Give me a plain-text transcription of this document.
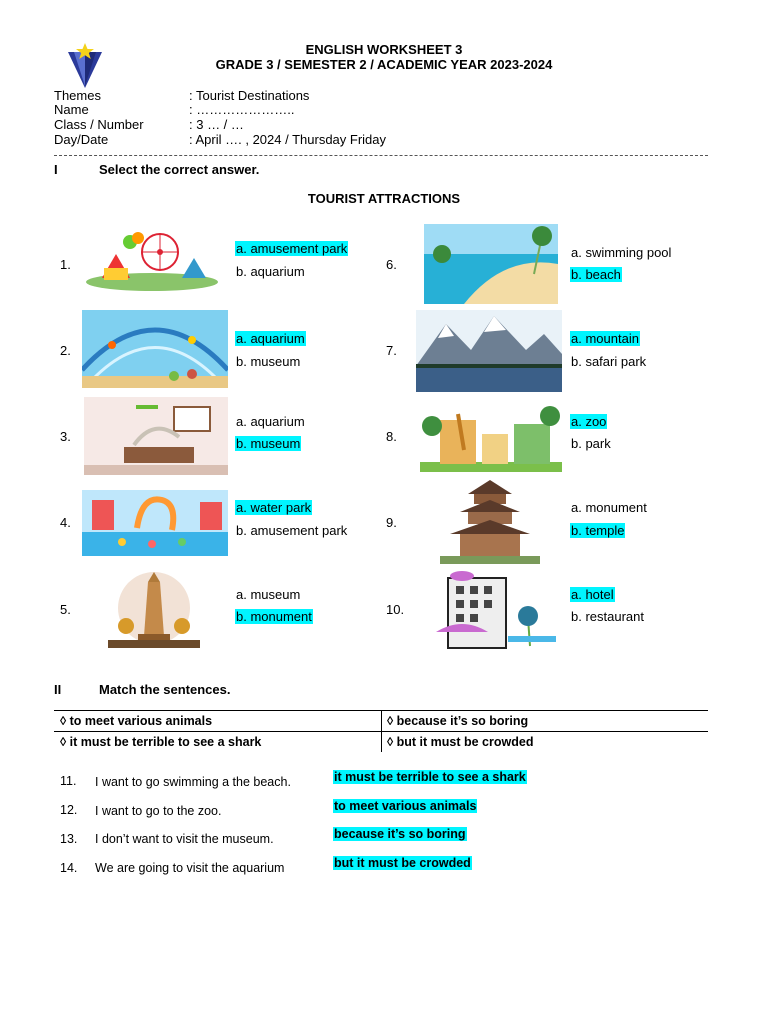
ENGLISH WORKSHEET 3
GRADE 3 / SEMESTER 2 / ACADEMIC YEAR 2023-2024
Themes	: Tourist Destinations
Name	: …………………..
Class / Number	: 3 … / …
Day/Date	: April …. , 2024 / Thursday Friday
I	Select the correct answer.
TOURIST ATTRACTIONS
1.
2.
3.
4.
5.
6.
7.
8.
9.
10.
a. amusement park
b. aquarium
a. aquarium
b. museum
a. aquarium
b. museum
a. water park
b. amusement park
a. museum
b. monument
a. swimming pool
b. beach
a. mountain
b. safari park
a. zoo
b. park
a. monument
b. temple
a. hotel
b. restaurant
II	Match the sentences.
◊ to meet various animals	◊ because it’s so boring
◊ it must be terrible to see a shark	◊ but it must be crowded
11. I want to go swimming a the beach.	it must be terrible to see a shark
12. I want to go to the zoo.	to meet various animals
13. I don’t want to visit the museum.	because it’s so boring
14. We are going to visit the aquarium	but it must be crowded
